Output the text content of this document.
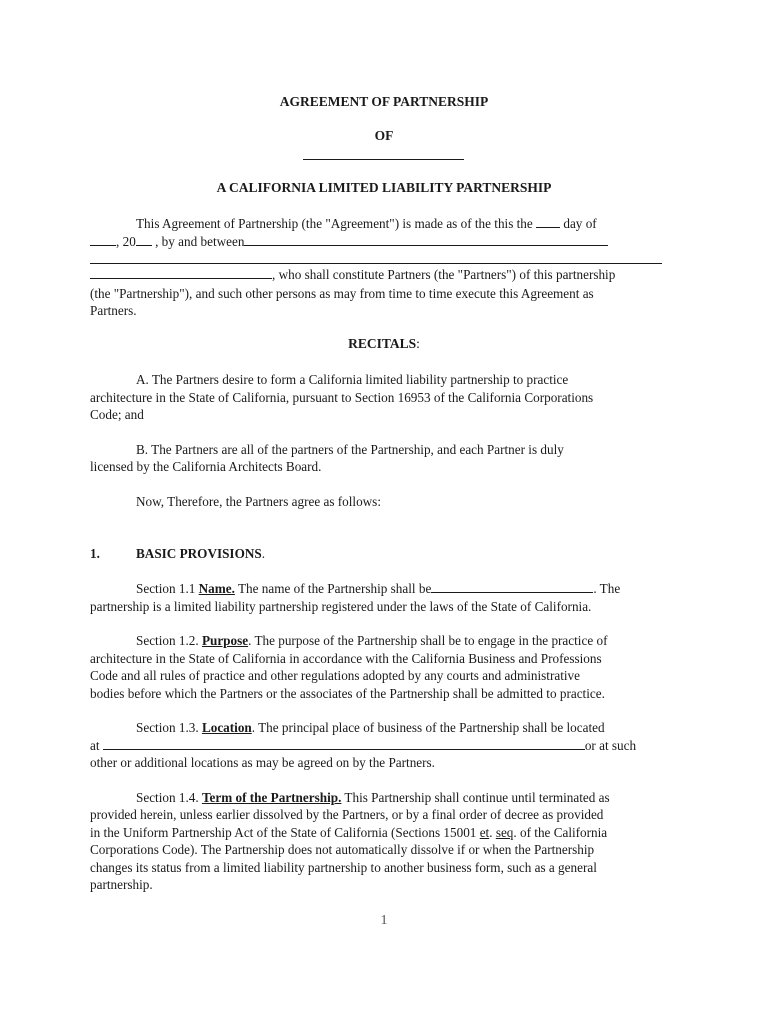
AGREEMENT OF PARTNERSHIP
OF
A CALIFORNIA LIMITED LIABILITY PARTNERSHIP
This Agreement of Partnership (the "Agreement") is made as of the this the  day of
, 20 , by and between
, who shall constitute Partners (the "Partners") of this partnership
(the "Partnership"), and such other persons as may from time to time execute this Agreement as
Partners.
RECITALS:
A. The Partners desire to form a California limited liability partnership to practice
architecture in the State of California, pursuant to Section 16953 of the California Corporations
Code; and
B. The Partners are all of the partners of the Partnership, and each Partner is duly
licensed by the California Architects Board.
Now, Therefore, the Partners agree as follows:
1.	BASIC PROVISIONS.
Section 1.1 Name. The name of the Partnership shall be	. The
partnership is a limited liability partnership registered under the laws of the State of California.
Section 1.2. Purpose. The purpose of the Partnership shall be to engage in the practice of
architecture in the State of California in accordance with the California Business and Professions
Code and all rules of practice and other regulations adopted by any courts and administrative
bodies before which the Partners or the associates of the Partnership shall be admitted to practice.
Section 1.3. Location. The principal place of business of the Partnership shall be located
at	or at such
other or additional locations as may be agreed on by the Partners.
Section 1.4. Term of the Partnership. This Partnership shall continue until terminated as
provided herein, unless earlier dissolved by the Partners, or by a final order of decree as provided
in the Uniform Partnership Act of the State of California (Sections 15001 et. seq. of the California
Corporations Code). The Partnership does not automatically dissolve if or when the Partnership
changes its status from a limited liability partnership to another business form, such as a general
partnership.
1
